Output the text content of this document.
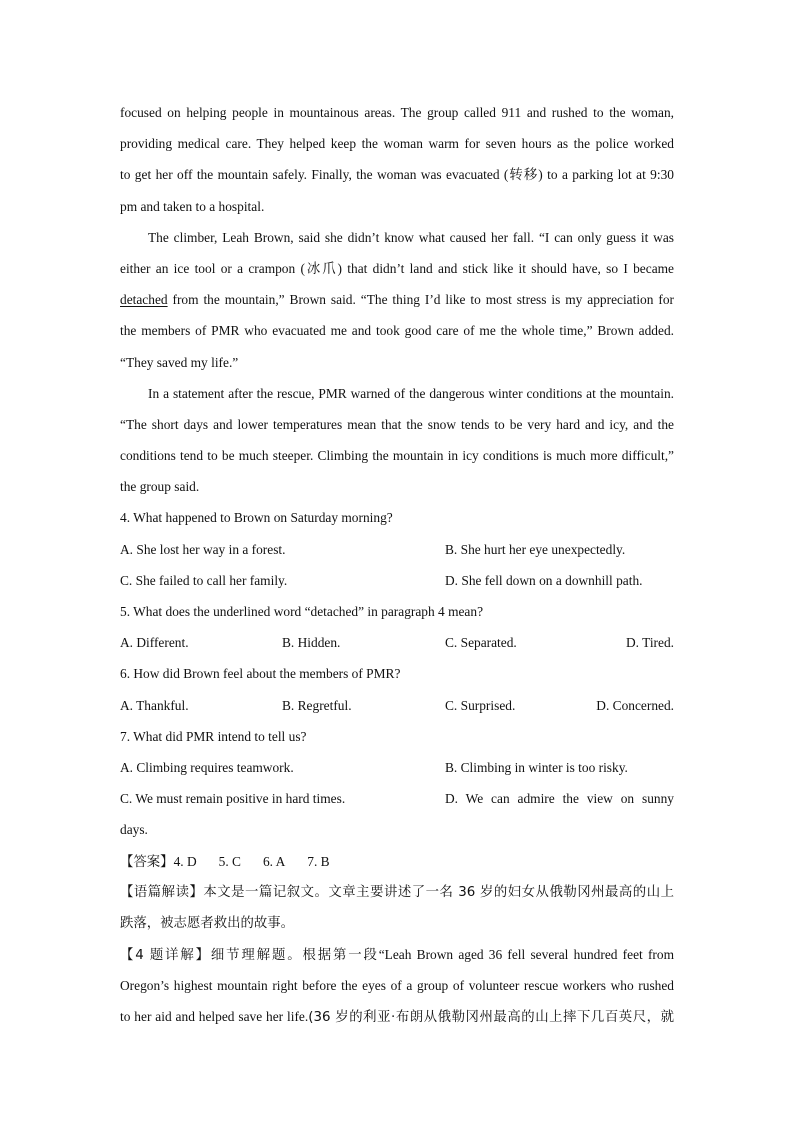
focused on helping people in mountainous areas. The group called 911 and rushed to the woman,
providing medical care. They helped keep the woman warm for seven hours as the police worked
to get her off the mountain safely. Finally, the woman was evacuated (转移) to a parking lot at 9:30
pm and taken to a hospital.
The climber, Leah Brown, said she didn’t know what caused her fall. “I can only guess it was
either an ice tool or a crampon (冰爪) that didn’t land and stick like it should have, so I became
detached from the mountain,” Brown said. “The thing I’d like to most stress is my appreciation for
the members of PMR who evacuated me and took good care of me the whole time,” Brown added.
“They saved my life.”
In a statement after the rescue, PMR warned of the dangerous winter conditions at the mountain.
“The short days and lower temperatures mean that the snow tends to be very hard and icy, and the
conditions tend to be much steeper. Climbing the mountain in icy conditions is much more difficult,”
the group said.
4. What happened to Brown on Saturday morning?
A. She lost her way in a forest.	B. She hurt her eye unexpectedly.
C. She failed to call her family.	D. She fell down on a downhill path.
5. What does the underlined word “detached” in paragraph 4 mean?
A. Different.	B. Hidden.	C. Separated.	D. Tired.
6. How did Brown feel about the members of PMR?
A. Thankful.	B. Regretful.	C. Surprised.	D. Concerned.
7. What did PMR intend to tell us?
A. Climbing requires teamwork.	B. Climbing in winter is too risky.
C. We must remain positive in hard times.	D. We can admire the view on sunny
days.
【答案】4. D 5. C 6. A 7. B
【语篇解读】本文是一篇记叙文。文章主要讲述了一名 36 岁的妇女从俄勒冈州最高的山上
跌落，被志愿者救出的故事。
【4 题详解】细节理解题。根据第一段“Leah Brown aged 36 fell several hundred feet from
Oregon’s highest mountain right before the eyes of a group of volunteer rescue workers who rushed
to her aid and helped save her life.(36 岁的利亚·布朗从俄勒冈州最高的山上摔下几百英尺，就
